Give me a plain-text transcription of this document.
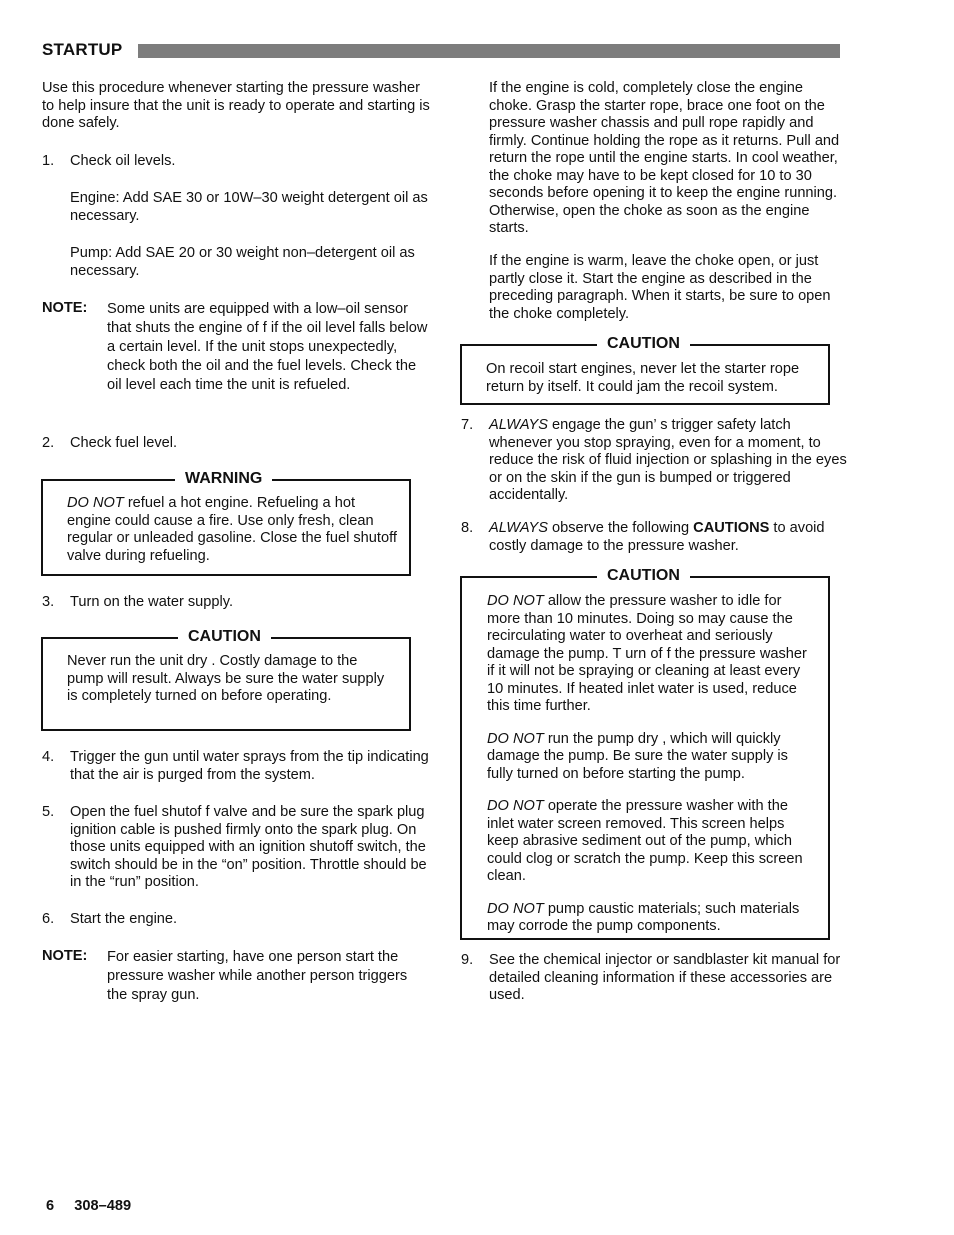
STARTUP
Use this procedure whenever starting the pressure washer to help insure that the unit is ready to operate and starting is done safely.
1. Check oil levels.
Engine: Add SAE 30 or 10W–30 weight detergent oil as necessary.
Pump: Add SAE 20 or 30 weight non–detergent oil as necessary.
NOTE: Some units are equipped with a low–oil sensor that shuts the engine of f if the oil level falls below a certain level. If the unit stops unexpectedly, check both the oil and the fuel levels. Check the oil level each time the unit is refueled.
2. Check fuel level.
WARNING
DO NOT refuel a hot engine. Refueling a hot engine could cause a fire. Use only fresh, clean regular or unleaded gasoline. Close the fuel shutoff valve during refueling.
3. Turn on the water supply.
CAUTION
Never run the unit dry . Costly damage to the pump will result. Always be sure the water supply is completely turned on before operating.
4. Trigger the gun until water sprays from the tip indicating that the air is purged from the system.
5. Open the fuel shutof f valve and be sure the spark plug ignition cable is pushed firmly onto the spark plug. On those units equipped with an ignition shutoff switch, the switch should be in the “on” position. Throttle should be in the “run” position.
6. Start the engine.
NOTE: For easier starting, have one person start the pressure washer while another person triggers the spray gun.
If the engine is cold, completely close the engine choke. Grasp the starter rope, brace one foot on the pressure washer chassis and pull rope rapidly and firmly. Continue holding the rope as it returns. Pull and return the rope until the engine starts. In cool weather, the choke may have to be kept closed for 10 to 30 seconds before opening it to keep the engine running. Otherwise, open the choke as soon as the engine starts.
If the engine is warm, leave the choke open, or just partly close it. Start the engine as described in the preceding paragraph. When it starts, be sure to open the choke completely.
CAUTION
On recoil start engines, never let the starter rope return by itself. It could jam the recoil system.
7. ALWAYS engage the gun’ s trigger safety latch whenever you stop spraying, even for a moment, to reduce the risk of fluid injection or splashing in the eyes or on the skin if the gun is bumped or triggered accidentally.
8. ALWAYS observe the following CAUTIONS to avoid costly damage to the pressure washer.
CAUTION

DO NOT allow the pressure washer to idle for more than 10 minutes. Doing so may cause the recirculating water to overheat and seriously damage the pump. T urn of f the pressure washer if it will not be spraying or cleaning at least every 10 minutes. If heated inlet water is used, reduce this time further.

DO NOT run the pump dry , which will quickly damage the pump. Be sure the water supply is fully turned on before starting the pump.

DO NOT operate the pressure washer with the inlet water screen removed. This screen helps keep abrasive sediment out of the pump, which could clog or scratch the pump. Keep this screen clean.

DO NOT pump caustic materials; such materials may corrode the pump components.

9. See the chemical injector or sandblaster kit manual for detailed cleaning information if these accessories are used.
6 308–489
